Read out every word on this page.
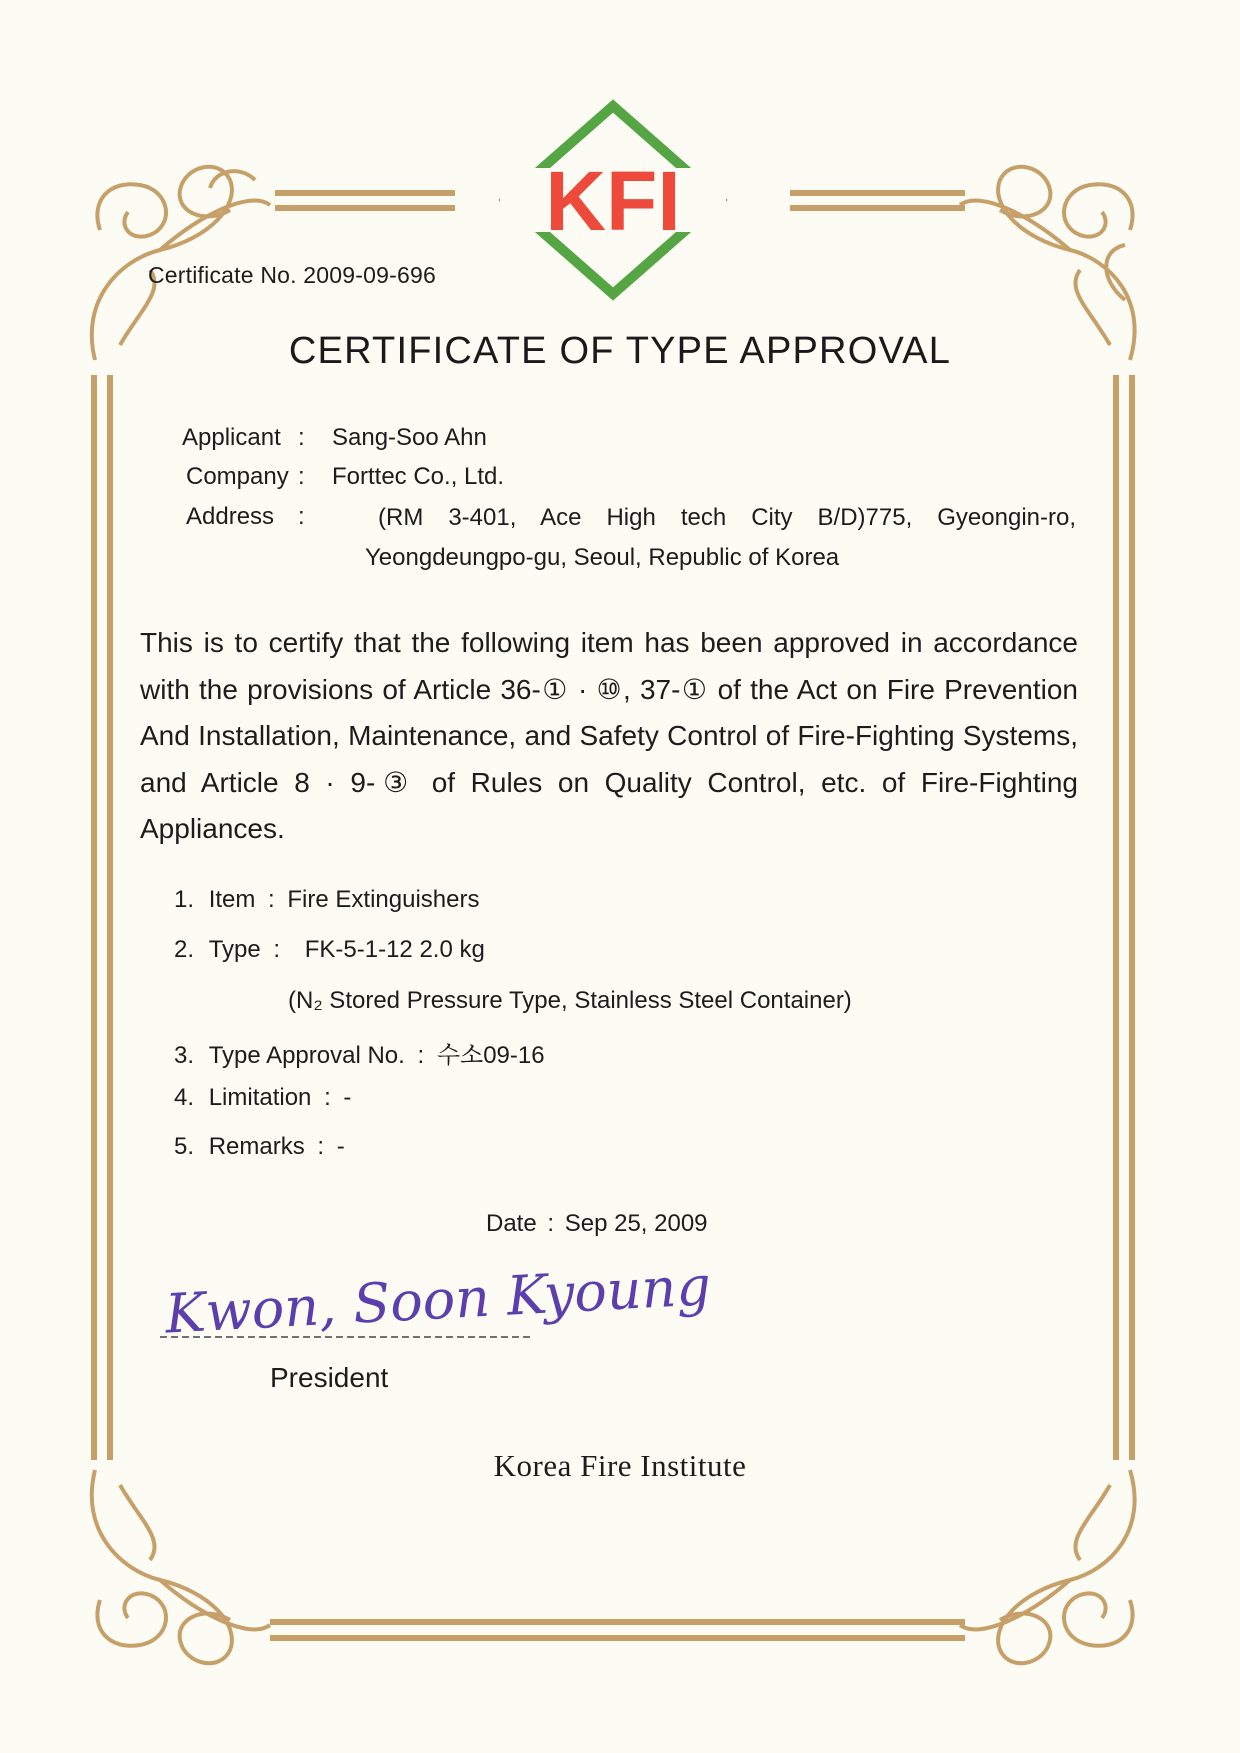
KFI
Certificate No. 2009-09-696
CERTIFICATE OF TYPE APPROVAL
Applicant : Sang-Soo Ahn
Company : Forttec Co., Ltd.
Address :	(RM 3-401, Ace High tech City B/D)775, Gyeongin-ro,
Yeongdeungpo-gu, Seoul, Republic of Korea
This is to certify that the following item has been approved in accordance with the provisions of Article 36-① · ⑩, 37-① of the Act on Fire Prevention And Installation, Maintenance, and Safety Control of Fire-Fighting Systems, and Article 8 · 9-③ of Rules on Quality Control, etc. of Fire-Fighting Appliances.
1. Item : Fire Extinguishers
2. Type : FK-5-1-12 2.0 kg
(N₂ Stored Pressure Type, Stainless Steel Container)
3. Type Approval No. : 수소09-16
4. Limitation : -
5. Remarks : -
Date : Sep 25, 2009
Kwon, Soon Kyoung
President
Korea Fire Institute
